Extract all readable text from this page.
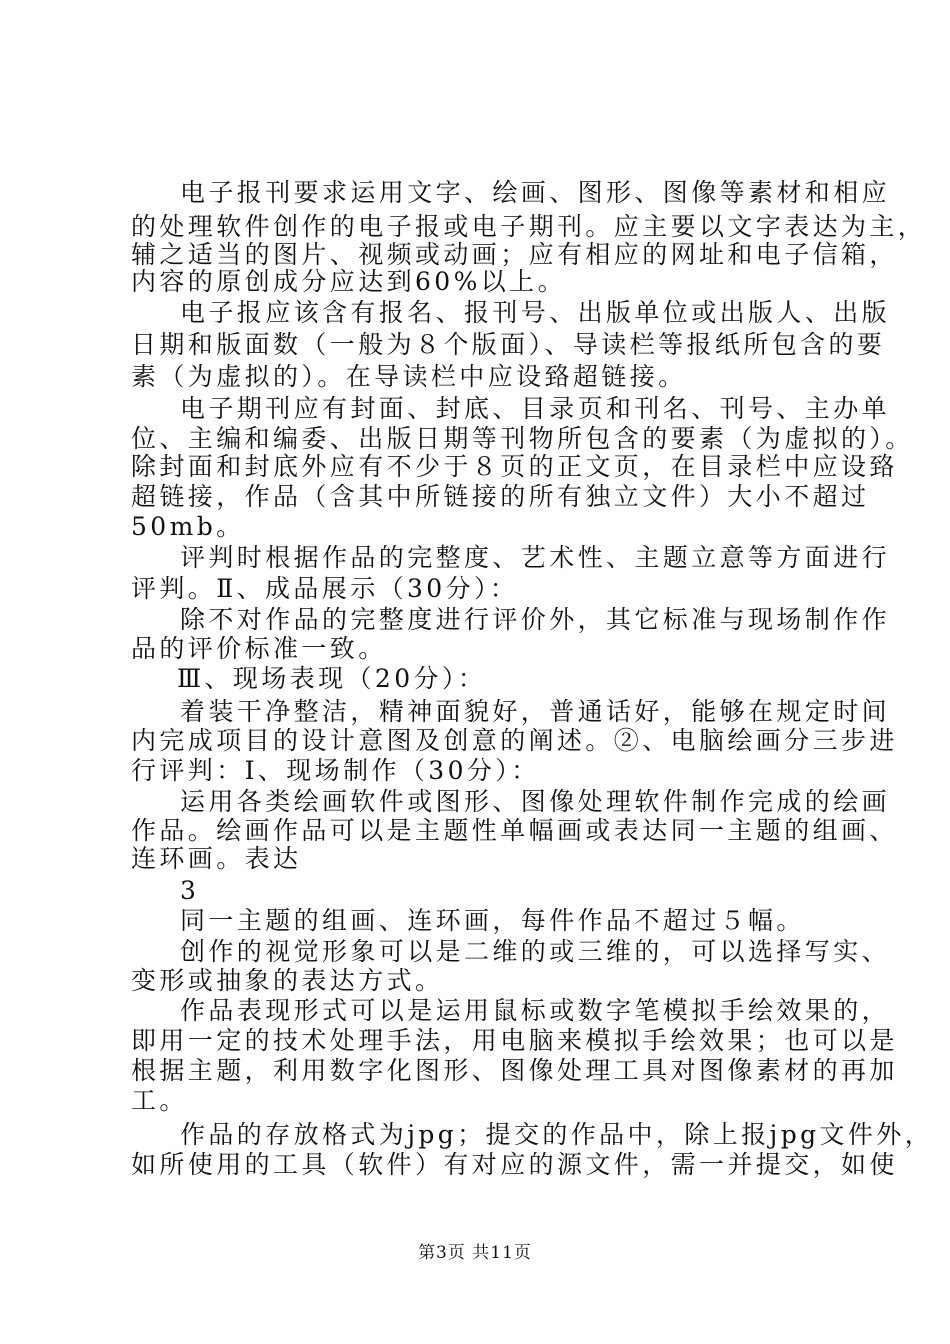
电子报刊要求运用文字、绘画、图形、图像等素材和相应
的处理软件创作的电子报或电子期刊。应主要以文字表达为主，
辅之适当的图片、视频或动画；应有相应的网址和电子信箱，
内容的原创成分应达到60%以上。
电子报应该含有报名、报刊号、出版单位或出版人、出版
日期和版面数（一般为８个版面）、导读栏等报纸所包含的要
素（为虚拟的）。在导读栏中应设臵超链接。
电子期刊应有封面、封底、目录页和刊名、刊号、主办单
位、主编和编委、出版日期等刊物所包含的要素（为虚拟的）。
除封面和封底外应有不少于８页的正文页，在目录栏中应设臵
超链接，作品（含其中所链接的所有独立文件）大小不超过
50mb。
评判时根据作品的完整度、艺术性、主题立意等方面进行
评判。Ⅱ、成品展示（30分）：
除不对作品的完整度进行评价外，其它标准与现场制作作
品的评价标准一致。
Ⅲ、现场表现（20分）：
着装干净整洁，精神面貌好，普通话好，能够在规定时间
内完成项目的设计意图及创意的阐述。②、电脑绘画分三步进
行评判：Ⅰ、现场制作（30分）：
运用各类绘画软件或图形、图像处理软件制作完成的绘画
作品。绘画作品可以是主题性单幅画或表达同一主题的组画、
连环画。表达
3
同一主题的组画、连环画，每件作品不超过５幅。
创作的视觉形象可以是二维的或三维的，可以选择写实、
变形或抽象的表达方式。
作品表现形式可以是运用鼠标或数字笔模拟手绘效果的，
即用一定的技术处理手法，用电脑来模拟手绘效果；也可以是
根据主题，利用数字化图形、图像处理工具对图像素材的再加
工。
作品的存放格式为jpg；提交的作品中，除上报jpg文件外，
如所使用的工具（软件）有对应的源文件，需一并提交，如使
第3页 共11页
